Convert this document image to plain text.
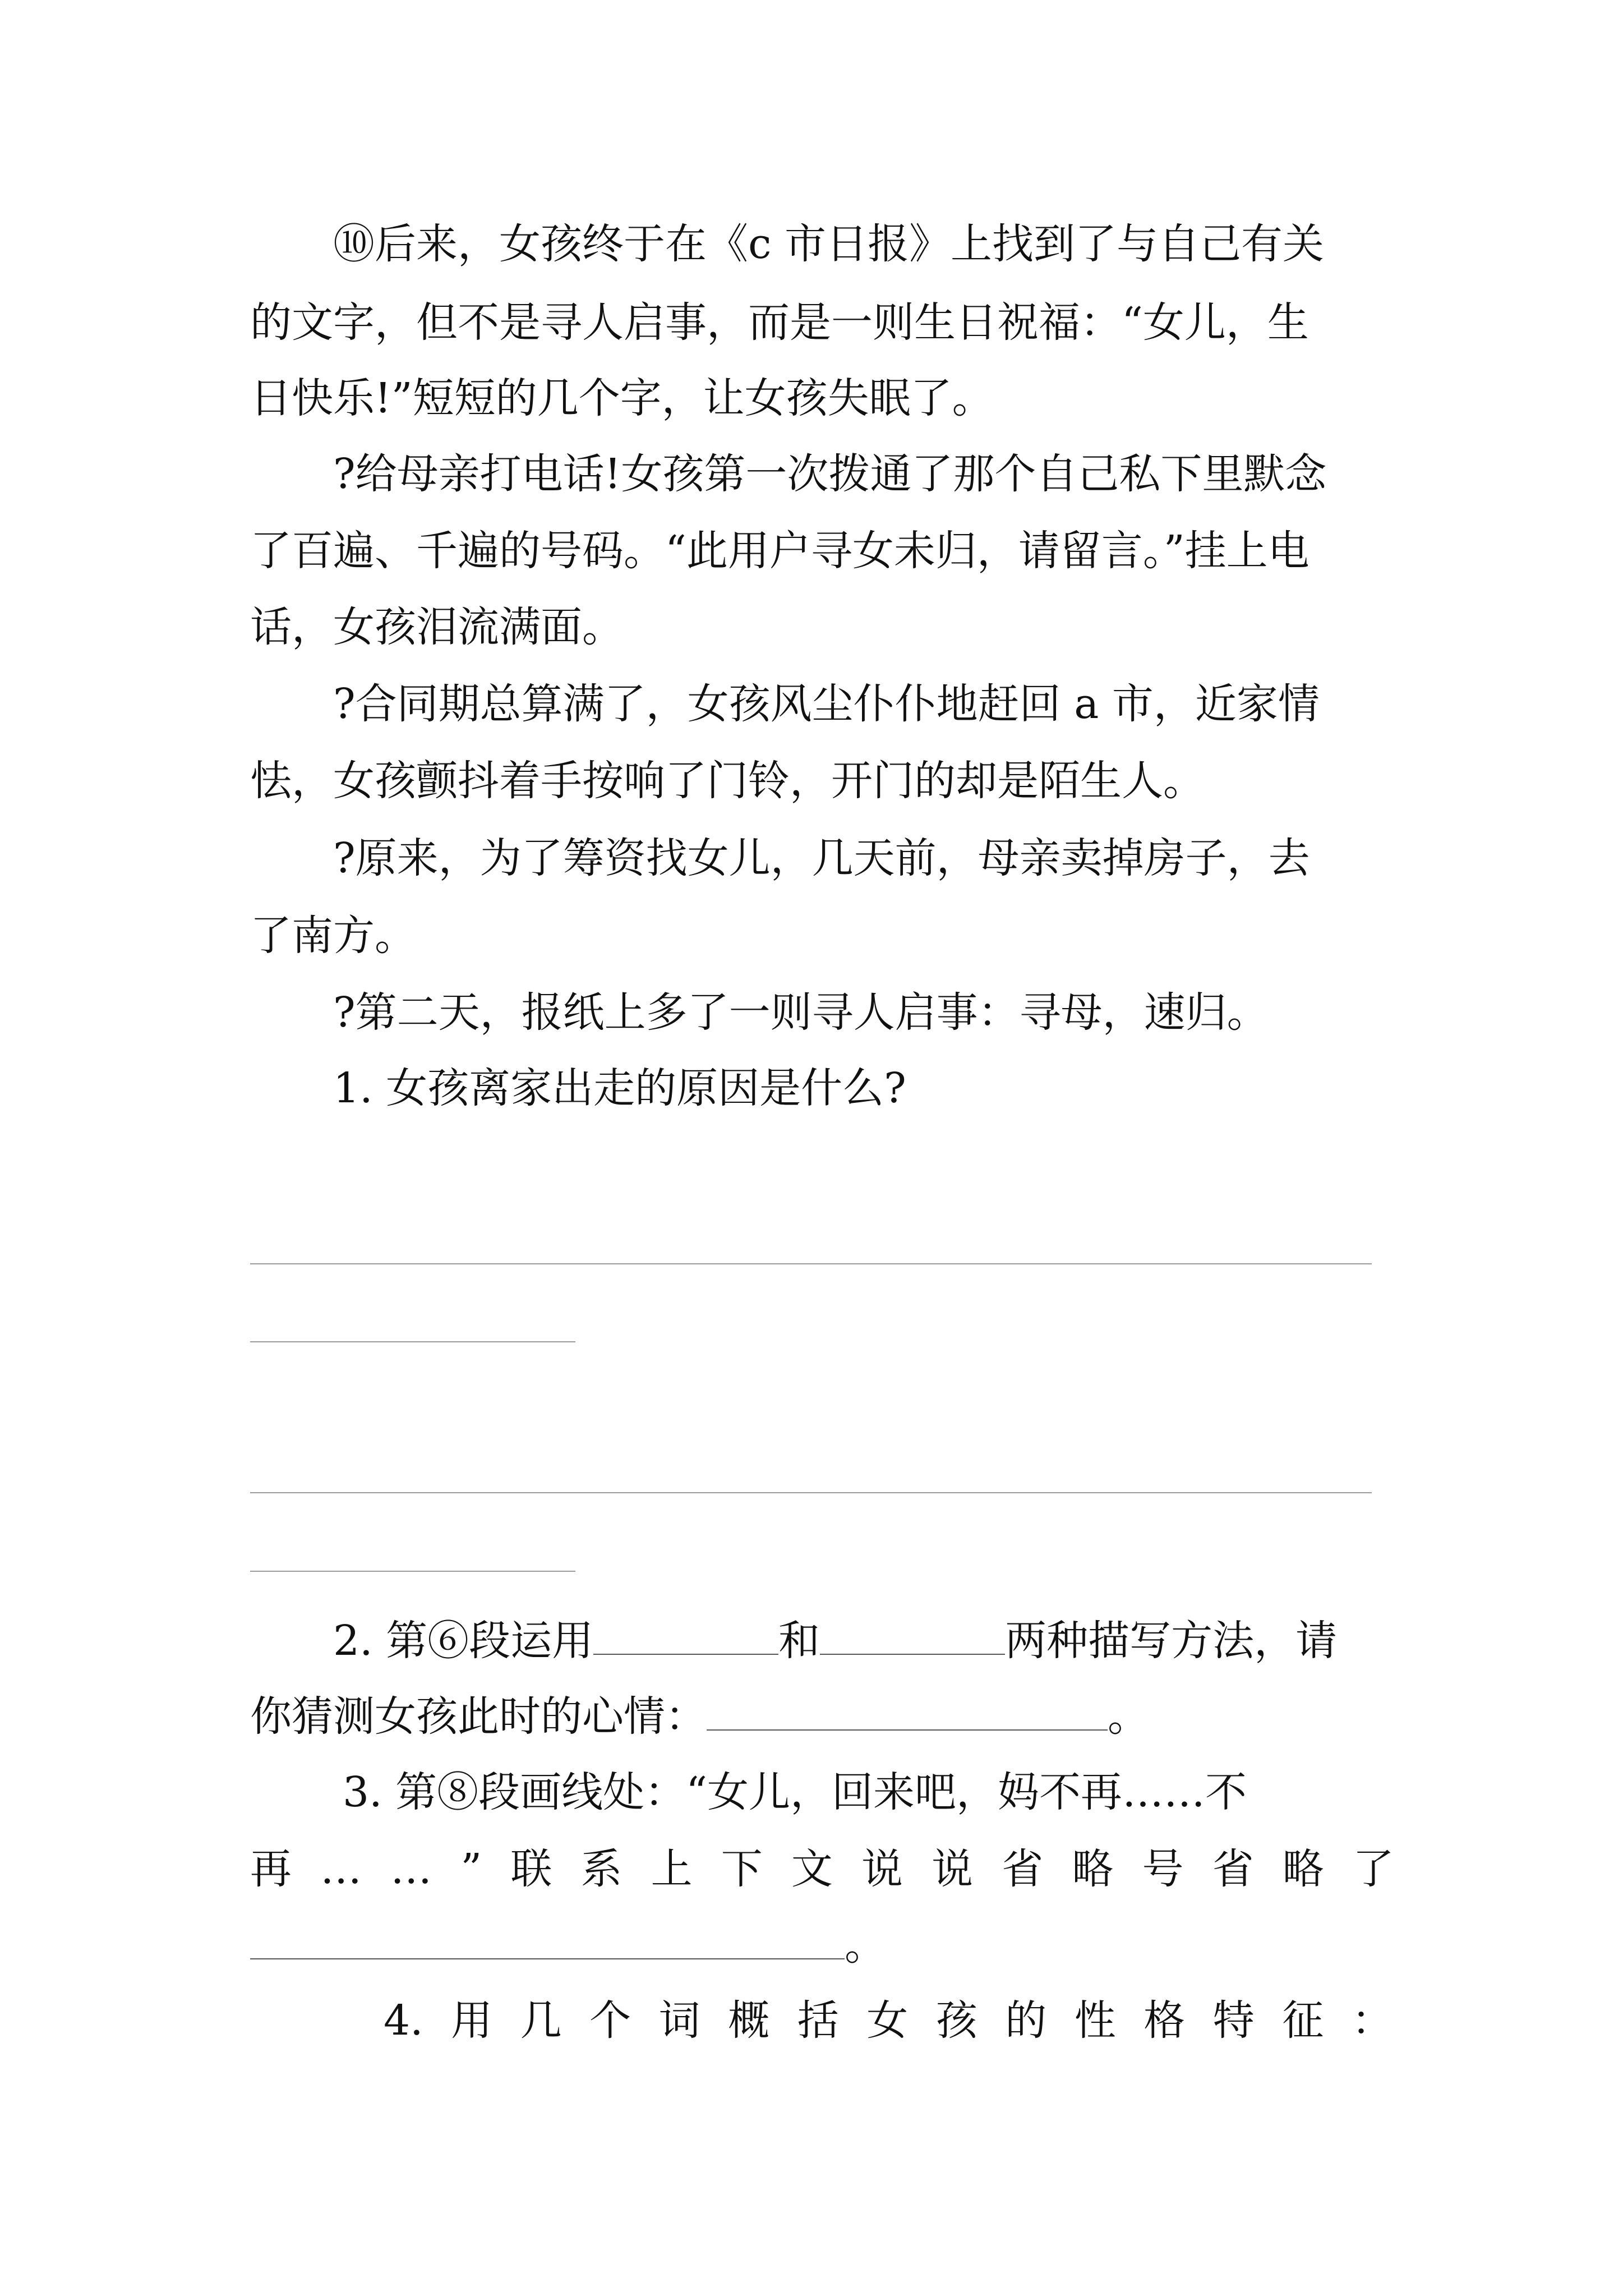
⑩后来，女孩终于在《c 市日报》上找到了与自己有关
的文字，但不是寻人启事，而是一则生日祝福：“女儿，生
日快乐!”短短的几个字，让女孩失眠了。
?给母亲打电话!女孩第一次拨通了那个自己私下里默念
了百遍、千遍的号码。“此用户寻女未归，请留言。”挂上电
话，女孩泪流满面。
?合同期总算满了，女孩风尘仆仆地赶回 a 市，近家情
怯，女孩颤抖着手按响了门铃，开门的却是陌生人。
?原来，为了筹资找女儿，几天前，母亲卖掉房子，去
了南方。
?第二天，报纸上多了一则寻人启事：寻母，速归。
1. 女孩离家出走的原因是什么?
2. 第⑥段运用	和	两种描写方法，请
你猜测女孩此时的心情：	。
3. 第⑧段画线处：“女儿，回来吧，妈不再……不
再 … … ” 联 系 上 下 文 说 说 省 略 号 省 略 了
。
4. 用 几 个 词 概 括 女 孩 的 性 格 特 征 ：
